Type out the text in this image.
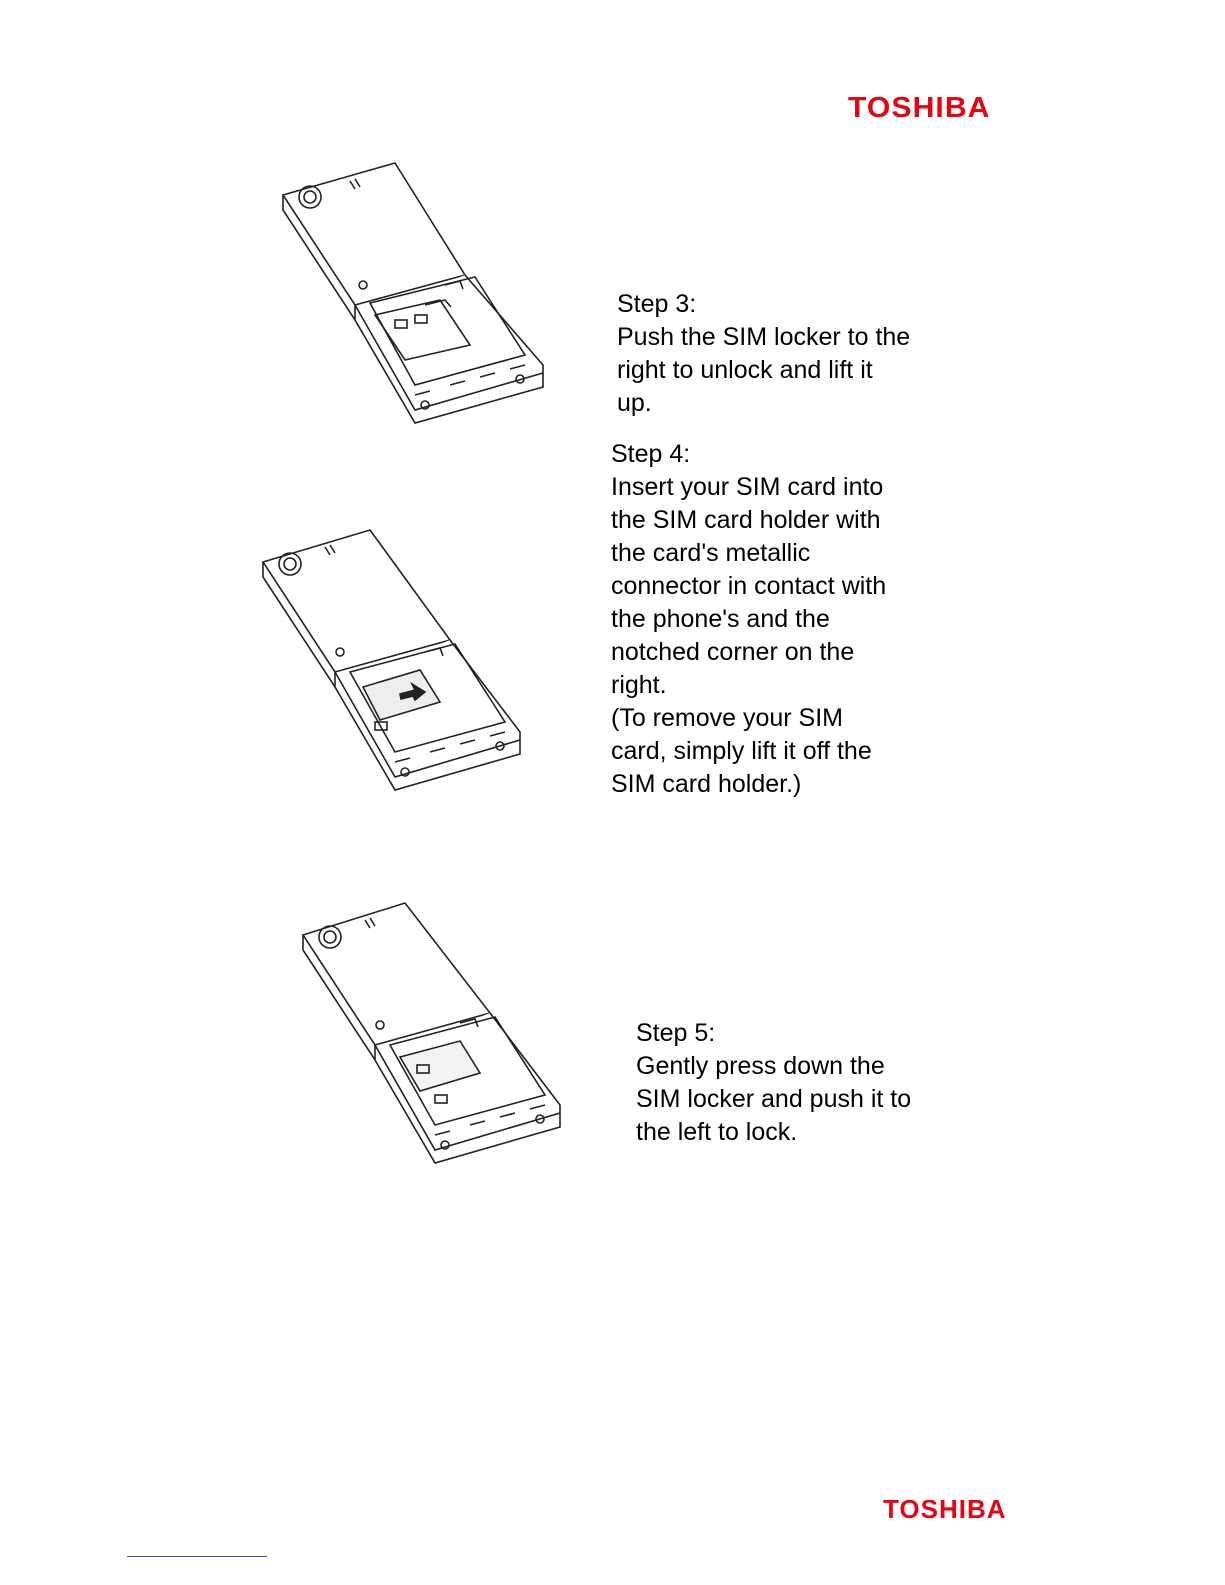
TOSHIBA
Step 3:
Push the SIM locker to the
right to unlock and lift it
up.
Step 4:
Insert your SIM card into
the SIM card holder with
the card's metallic
connector in contact with
the phone's and the
notched corner on the
right.
(To remove your SIM
card, simply lift it off the
SIM card holder.)
Step 5:
Gently press down the
SIM locker and push it to
the left to lock.
TOSHIBA
